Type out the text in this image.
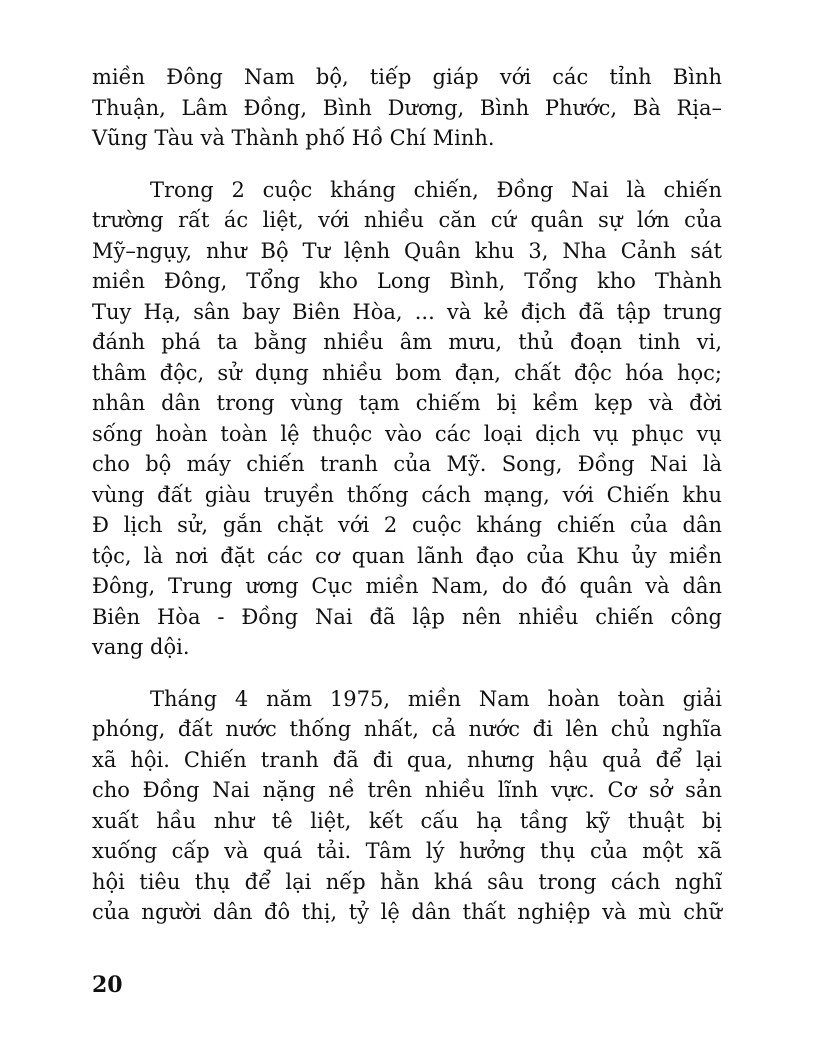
miền Đông Nam bộ, tiếp giáp với các tỉnh Bình
Thuận, Lâm Đồng, Bình Dương, Bình Phước, Bà Rịa–
Vũng Tàu và Thành phố Hồ Chí Minh.
Trong 2 cuộc kháng chiến, Đồng Nai là chiến
trường rất ác liệt, với nhiều căn cứ quân sự lớn của
Mỹ–ngụy, như Bộ Tư lệnh Quân khu 3, Nha Cảnh sát
miền Đông, Tổng kho Long Bình, Tổng kho Thành
Tuy Hạ, sân bay Biên Hòa, ... và kẻ địch đã tập trung
đánh phá ta bằng nhiều âm mưu, thủ đoạn tinh vi,
thâm độc, sử dụng nhiều bom đạn, chất độc hóa học;
nhân dân trong vùng tạm chiếm bị kềm kẹp và đời
sống hoàn toàn lệ thuộc vào các loại dịch vụ phục vụ
cho bộ máy chiến tranh của Mỹ. Song, Đồng Nai là
vùng đất giàu truyền thống cách mạng, với Chiến khu
Đ lịch sử, gắn chặt với 2 cuộc kháng chiến của dân
tộc, là nơi đặt các cơ quan lãnh đạo của Khu ủy miền
Đông, Trung ương Cục miền Nam, do đó quân và dân
Biên Hòa - Đồng Nai đã lập nên nhiều chiến công
vang dội.
Tháng 4 năm 1975, miền Nam hoàn toàn giải
phóng, đất nước thống nhất, cả nước đi lên chủ nghĩa
xã hội. Chiến tranh đã đi qua, nhưng hậu quả để lại
cho Đồng Nai nặng nề trên nhiều lĩnh vực. Cơ sở sản
xuất hầu như tê liệt, kết cấu hạ tầng kỹ thuật bị
xuống cấp và quá tải. Tâm lý hưởng thụ của một xã
hội tiêu thụ để lại nếp hằn khá sâu trong cách nghĩ
của người dân đô thị, tỷ lệ dân thất nghiệp và mù chữ
20
